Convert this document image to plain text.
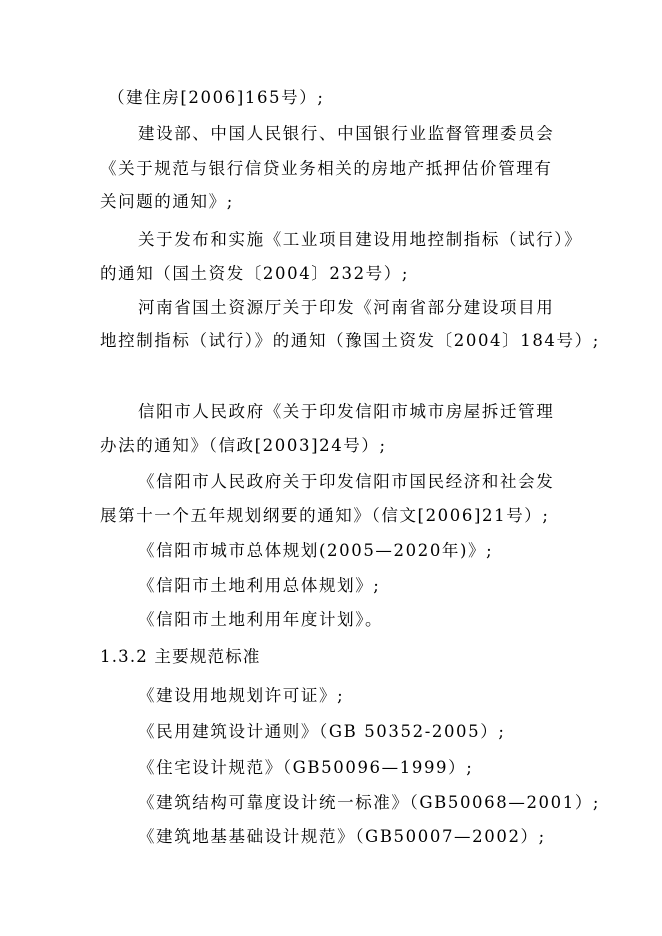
（建住房[2006]165号）;
建设部、中国人民银行、中国银行业监督管理委员会
《关于规范与银行信贷业务相关的房地产抵押估价管理有
关问题的通知》;
关于发布和实施《工业项目建设用地控制指标（试行）》
的通知（国土资发〔2004〕232号）;
河南省国土资源厅关于印发《河南省部分建设项目用
地控制指标（试行）》的通知（豫国土资发〔2004〕184号）;
信阳市人民政府《关于印发信阳市城市房屋拆迁管理
办法的通知》（信政[2003]24号）;
《信阳市人民政府关于印发信阳市国民经济和社会发
展第十一个五年规划纲要的通知》（信文[2006]21号）;
《信阳市城市总体规划(2005—2020年)》;
《信阳市土地利用总体规划》;
《信阳市土地利用年度计划》。
1.3.2 主要规范标准
《建设用地规划许可证》;
《民用建筑设计通则》（GB 50352-2005）;
《住宅设计规范》（GB50096—1999）;
《建筑结构可靠度设计统一标准》（GB50068—2001）;
《建筑地基基础设计规范》（GB50007—2002）;
